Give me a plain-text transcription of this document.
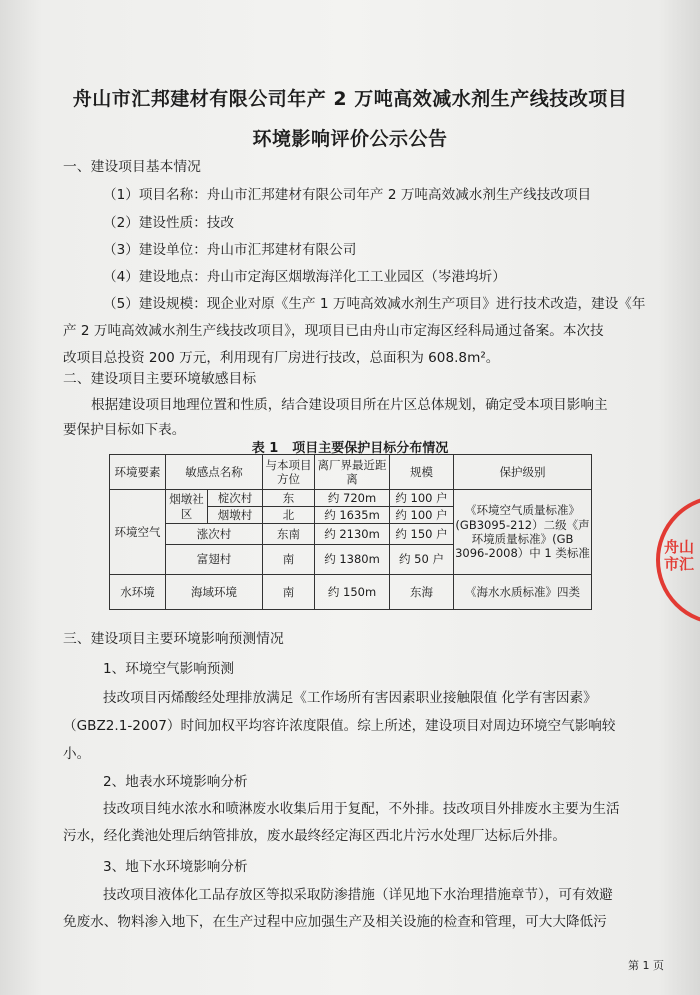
舟山市汇邦建材有限公司年产 2 万吨高效减水剂生产线技改项目
环境影响评价公示公告
一、建设项目基本情况
（1）项目名称：舟山市汇邦建材有限公司年产 2 万吨高效减水剂生产线技改项目
（2）建设性质：技改
（3）建设单位：舟山市汇邦建材有限公司
（4）建设地点：舟山市定海区烟墩海洋化工工业园区（岑港坞圻）
（5）建设规模：现企业对原《生产 1 万吨高效减水剂生产项目》进行技术改造，建设《年
产 2 万吨高效减水剂生产线技改项目》，现项目已由舟山市定海区经科局通过备案。本次技
改项目总投资 200 万元，利用现有厂房进行技改，总面积为 608.8m²。
二、建设项目主要环境敏感目标
根据建设项目地理位置和性质，结合建设项目所在片区总体规划，确定受本项目影响主
要保护目标如下表。
表 1 项目主要保护目标分布情况
环境要素	敏感点名称		与本项目方位	离厂界最近距离	规模	保护级别
环境空气	烟墩社区	椗次村	东	约 720m	约 100 户	《环境空气质量标准》(GB3095-212）二级《声环境质量标准》(GB 3096-2008）中 1 类标准
		烟墩村	北	约 1635m	约 100 户	
	涨次村		东南	约 2130m	约 150 户	
	富翅村		南	约 1380m	约 50 户	
水环境	海域环境		南	约 150m	东海	《海水水质标准》四类
三、建设项目主要环境影响预测情况
1、环境空气影响预测
技改项目丙烯酸经处理排放满足《工作场所有害因素职业接触限值 化学有害因素》
（GBZ2.1-2007）时间加权平均容许浓度限值。综上所述，建设项目对周边环境空气影响较
小。
2、地表水环境影响分析
技改项目纯水浓水和喷淋废水收集后用于复配，不外排。技改项目外排废水主要为生活
污水，经化粪池处理后纳管排放，废水最终经定海区西北片污水处理厂达标后外排。
3、地下水环境影响分析
技改项目液体化工品存放区等拟采取防渗措施（详见地下水治理措施章节），可有效避
免废水、物料渗入地下，在生产过程中应加强生产及相关设施的检查和管理，可大大降低污
第 1 页
舟山市汇
